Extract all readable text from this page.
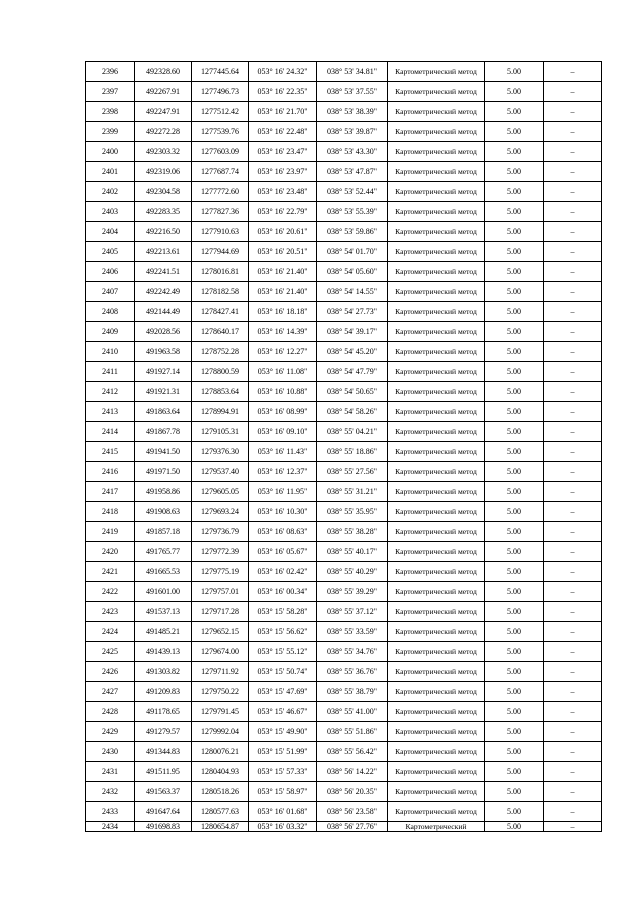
2396	492328.60	1277445.64	053° 16' 24.32"	038° 53' 34.81"	Картометрический метод	5.00	–
2397	492267.91	1277496.73	053° 16' 22.35"	038° 53' 37.55"	Картометрический метод	5.00	–
2398	492247.91	1277512.42	053° 16' 21.70"	038° 53' 38.39"	Картометрический метод	5.00	–
2399	492272.28	1277539.76	053° 16' 22.48"	038° 53' 39.87"	Картометрический метод	5.00	–
2400	492303.32	1277603.09	053° 16' 23.47"	038° 53' 43.30"	Картометрический метод	5.00	–
2401	492319.06	1277687.74	053° 16' 23.97"	038° 53' 47.87"	Картометрический метод	5.00	–
2402	492304.58	1277772.60	053° 16' 23.48"	038° 53' 52.44"	Картометрический метод	5.00	–
2403	492283.35	1277827.36	053° 16' 22.79"	038° 53' 55.39"	Картометрический метод	5.00	–
2404	492216.50	1277910.63	053° 16' 20.61"	038° 53' 59.86"	Картометрический метод	5.00	–
2405	492213.61	1277944.69	053° 16' 20.51"	038° 54' 01.70"	Картометрический метод	5.00	–
2406	492241.51	1278016.81	053° 16' 21.40"	038° 54' 05.60"	Картометрический метод	5.00	–
2407	492242.49	1278182.58	053° 16' 21.40"	038° 54' 14.55"	Картометрический метод	5.00	–
2408	492144.49	1278427.41	053° 16' 18.18"	038° 54' 27.73"	Картометрический метод	5.00	–
2409	492028.56	1278640.17	053° 16' 14.39"	038° 54' 39.17"	Картометрический метод	5.00	–
2410	491963.58	1278752.28	053° 16' 12.27"	038° 54' 45.20"	Картометрический метод	5.00	–
2411	491927.14	1278800.59	053° 16' 11.08"	038° 54' 47.79"	Картометрический метод	5.00	–
2412	491921.31	1278853.64	053° 16' 10.88"	038° 54' 50.65"	Картометрический метод	5.00	–
2413	491863.64	1278994.91	053° 16' 08.99"	038° 54' 58.26"	Картометрический метод	5.00	–
2414	491867.78	1279105.31	053° 16' 09.10"	038° 55' 04.21"	Картометрический метод	5.00	–
2415	491941.50	1279376.30	053° 16' 11.43"	038° 55' 18.86"	Картометрический метод	5.00	–
2416	491971.50	1279537.40	053° 16' 12.37"	038° 55' 27.56"	Картометрический метод	5.00	–
2417	491958.86	1279605.05	053° 16' 11.95"	038° 55' 31.21"	Картометрический метод	5.00	–
2418	491908.63	1279693.24	053° 16' 10.30"	038° 55' 35.95"	Картометрический метод	5.00	–
2419	491857.18	1279736.79	053° 16' 08.63"	038° 55' 38.28"	Картометрический метод	5.00	–
2420	491765.77	1279772.39	053° 16' 05.67"	038° 55' 40.17"	Картометрический метод	5.00	–
2421	491665.53	1279775.19	053° 16' 02.42"	038° 55' 40.29"	Картометрический метод	5.00	–
2422	491601.00	1279757.01	053° 16' 00.34"	038° 55' 39.29"	Картометрический метод	5.00	–
2423	491537.13	1279717.28	053° 15' 58.28"	038° 55' 37.12"	Картометрический метод	5.00	–
2424	491485.21	1279652.15	053° 15' 56.62"	038° 55' 33.59"	Картометрический метод	5.00	–
2425	491439.13	1279674.00	053° 15' 55.12"	038° 55' 34.76"	Картометрический метод	5.00	–
2426	491303.82	1279711.92	053° 15' 50.74"	038° 55' 36.76"	Картометрический метод	5.00	–
2427	491209.83	1279750.22	053° 15' 47.69"	038° 55' 38.79"	Картометрический метод	5.00	–
2428	491178.65	1279791.45	053° 15' 46.67"	038° 55' 41.00"	Картометрический метод	5.00	–
2429	491279.57	1279992.04	053° 15' 49.90"	038° 55' 51.86"	Картометрический метод	5.00	–
2430	491344.83	1280076.21	053° 15' 51.99"	038° 55' 56.42"	Картометрический метод	5.00	–
2431	491511.95	1280404.93	053° 15' 57.33"	038° 56' 14.22"	Картометрический метод	5.00	–
2432	491563.37	1280518.26	053° 15' 58.97"	038° 56' 20.35"	Картометрический метод	5.00	–
2433	491647.64	1280577.63	053° 16' 01.68"	038° 56' 23.58"	Картометрический метод	5.00	–
2434	491698.83	1280654.87	053° 16' 03.32"	038° 56' 27.76"	Картометрический	5.00	–
